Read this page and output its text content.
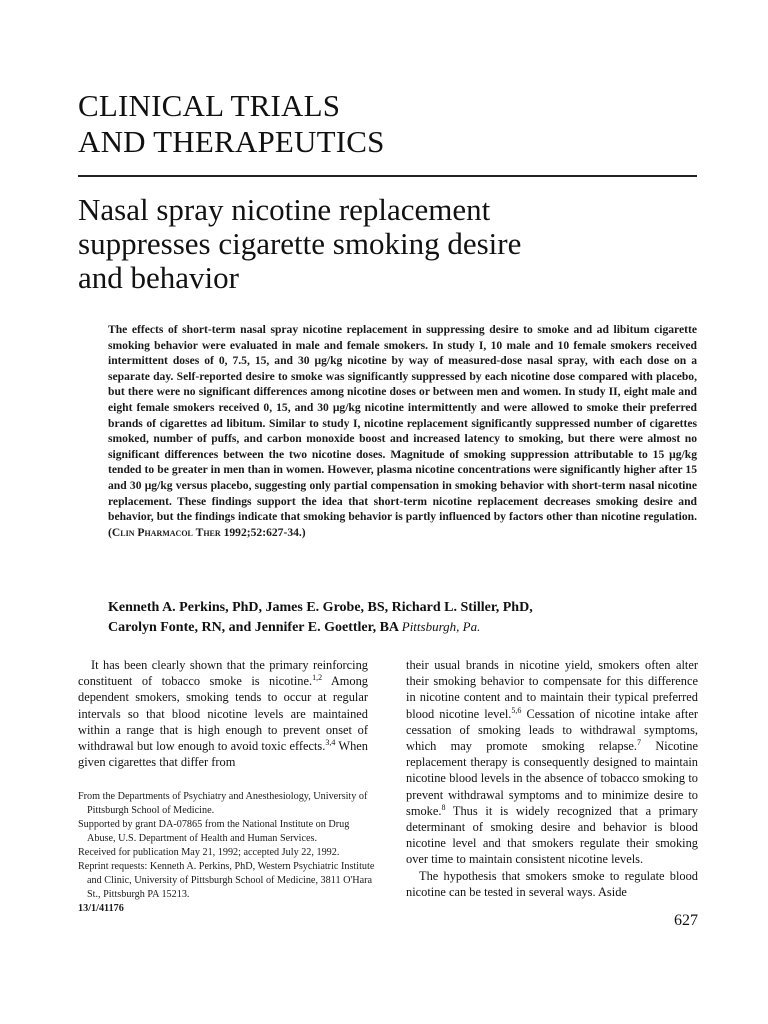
CLINICAL TRIALS
AND THERAPEUTICS
Nasal spray nicotine replacement
suppresses cigarette smoking desire
and behavior

The effects of short-term nasal spray nicotine replacement in suppressing desire to smoke and ad libitum cigarette smoking behavior were evaluated in male and female smokers. In study I, 10 male and 10 female smokers received intermittent doses of 0, 7.5, 15, and 30 μg/kg nicotine by way of measured-dose nasal spray, with each dose on a separate day. Self-reported desire to smoke was significantly suppressed by each nicotine dose compared with placebo, but there were no significant differences among nicotine doses or between men and women. In study II, eight male and eight female smokers received 0, 15, and 30 μg/kg nicotine intermittently and were allowed to smoke their preferred brands of cigarettes ad libitum. Similar to study I, nicotine replacement significantly suppressed number of cigarettes smoked, number of puffs, and carbon monoxide boost and increased latency to smoking, but there were almost no significant differences between the two nicotine doses. Magnitude of smoking suppression attributable to 15 μg/kg tended to be greater in men than in women. However, plasma nicotine concentrations were significantly higher after 15 and 30 μg/kg versus placebo, suggesting only partial compensation in smoking behavior with short-term nasal nicotine replacement. These findings support the idea that short-term nicotine replacement decreases smoking desire and behavior, but the findings indicate that smoking behavior is partly influenced by factors other than nicotine regulation. (Clin Pharmacol Ther 1992;52:627-34.)

Kenneth A. Perkins, PhD, James E. Grobe, BS, Richard L. Stiller, PhD,
Carolyn Fonte, RN, and Jennifer E. Goettler, BA Pittsburgh, Pa.

It has been clearly shown that the primary reinforcing constituent of tobacco smoke is nicotine.$^{1,2}$ Among dependent smokers, smoking tends to occur at regular intervals so that blood nicotine levels are maintained within a range that is high enough to prevent onset of withdrawal but low enough to avoid toxic effects.$^{3,4}$ When given cigarettes that differ from

From the Departments of Psychiatry and Anesthesiology, University of Pittsburgh School of Medicine.

Supported by grant DA-07865 from the National Institute on Drug Abuse, U.S. Department of Health and Human Services.

Received for publication May 21, 1992; accepted July 22, 1992.

Reprint requests: Kenneth A. Perkins, PhD, Western Psychiatric Institute and Clinic, University of Pittsburgh School of Medicine, 3811 O'Hara St., Pittsburgh PA 15213.

13/1/41176

their usual brands in nicotine yield, smokers often alter their smoking behavior to compensate for this difference in nicotine content and to maintain their typical preferred blood nicotine level.$^{5,6}$ Cessation of nicotine intake after cessation of smoking leads to withdrawal symptoms, which may promote smoking relapse.$^7$ Nicotine replacement therapy is consequently designed to maintain nicotine blood levels in the absence of tobacco smoking to prevent withdrawal symptoms and to minimize desire to smoke.$^8$ Thus it is widely recognized that a primary determinant of smoking desire and behavior is blood nicotine level and that smokers regulate their smoking over time to maintain consistent nicotine levels.

The hypothesis that smokers smoke to regulate blood nicotine can be tested in several ways. Aside

627
